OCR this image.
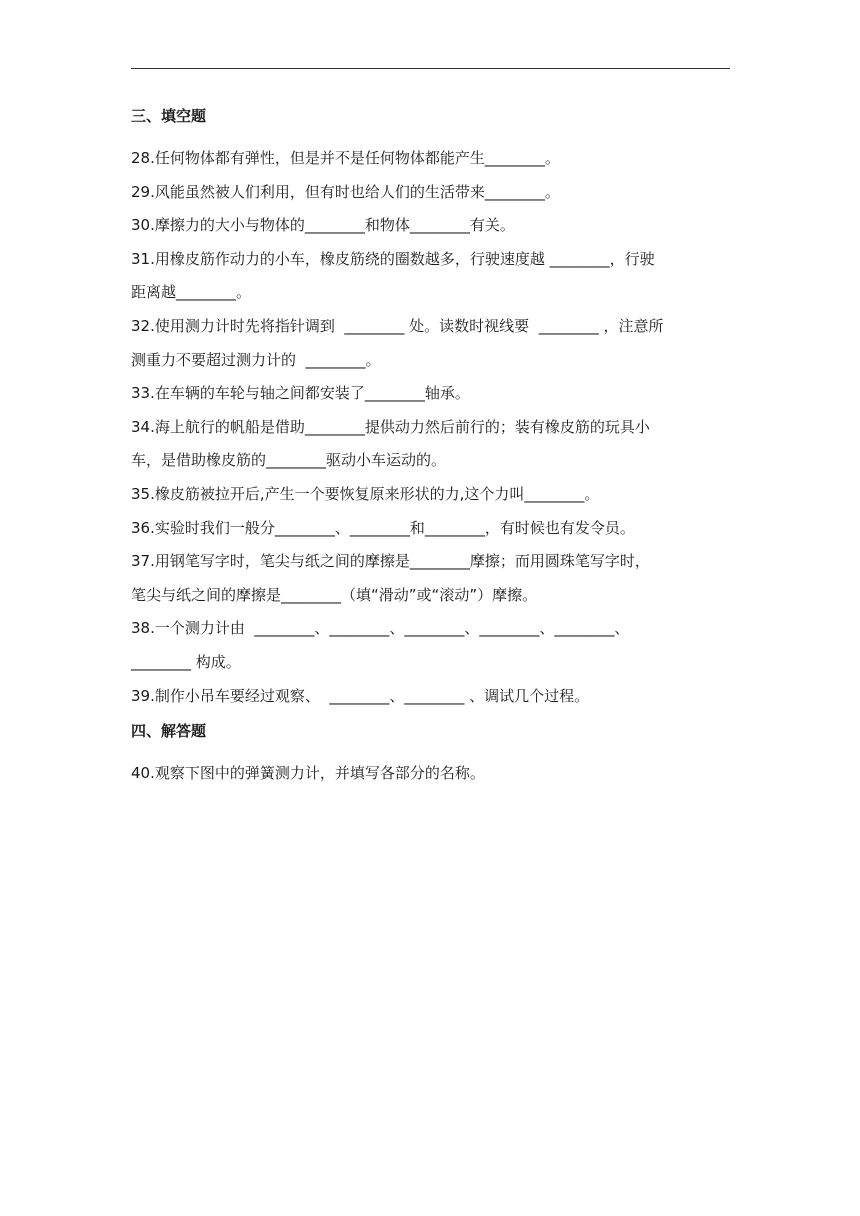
三、填空题
28.任何物体都有弹性，但是并不是任何物体都能产生________。
29.风能虽然被人们利用，但有时也给人们的生活带来________。
30.摩擦力的大小与物体的________和物体________有关。
31.用橡皮筋作动力的小车，橡皮筋绕的圈数越多，行驶速度越 ________，行驶
距离越________。
32.使用测力计时先将指针调到  ________ 处。读数时视线要  ________ ，注意所
测重力不要超过测力计的  ________。
33.在车辆的车轮与轴之间都安装了________轴承。
34.海上航行的帆船是借助________提供动力然后前行的；装有橡皮筋的玩具小
车，是借助橡皮筋的________驱动小车运动的。
35.橡皮筋被拉开后,产生一个要恢复原来形状的力,这个力叫________。
36.实验时我们一般分________、________和________，有时候也有发令员。
37.用钢笔写字时，笔尖与纸之间的摩擦是________摩擦；而用圆珠笔写字时，
笔尖与纸之间的摩擦是________（填“滑动”或“滚动”）摩擦。
38.一个测力计由  ________、________、________、________、________、
________ 构成。
39.制作小吊车要经过观察、  ________、________ 、调试几个过程。
四、解答题
40.观察下图中的弹簧测力计，并填写各部分的名称。
